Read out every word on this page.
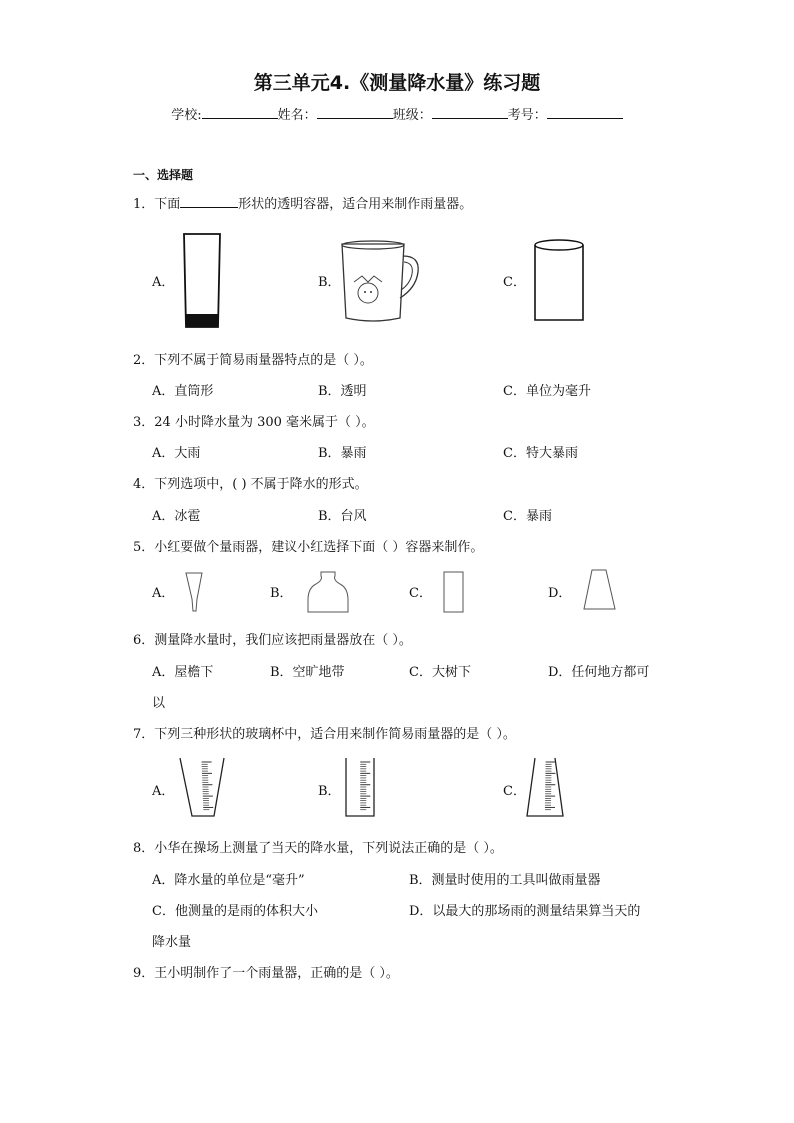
第三单元4.《测量降水量》练习题
学校:	姓名：	班级：	考号：
一、选择题
1．下面	形状的透明容器，适合用来制作雨量器。
A．	B．	C．
2．下列不属于简易雨量器特点的是（ ）。
A．直筒形	B．透明	C．单位为毫升
3．24 小时降水量为 300 毫米属于（ ）。
A．大雨	B．暴雨	C．特大暴雨
4．下列选项中，( ) 不属于降水的形式。
A．冰雹	B．台风	C．暴雨
5．小红要做个量雨器，建议小红选择下面（ ）容器来制作。
A．	B．	C．	D．
6．测量降水量时，我们应该把雨量器放在（ ）。
A．屋檐下	B．空旷地带	C．大树下	D．任何地方都可
以
7．下列三种形状的玻璃杯中，适合用来制作简易雨量器的是（ ）。
A．	B．	C．
8．小华在操场上测量了当天的降水量，下列说法正确的是（ ）。
A．降水量的单位是“毫升”	B．测量时使用的工具叫做雨量器
C．他测量的是雨的体积大小	D．以最大的那场雨的测量结果算当天的
降水量
9．王小明制作了一个雨量器，正确的是（ ）。
